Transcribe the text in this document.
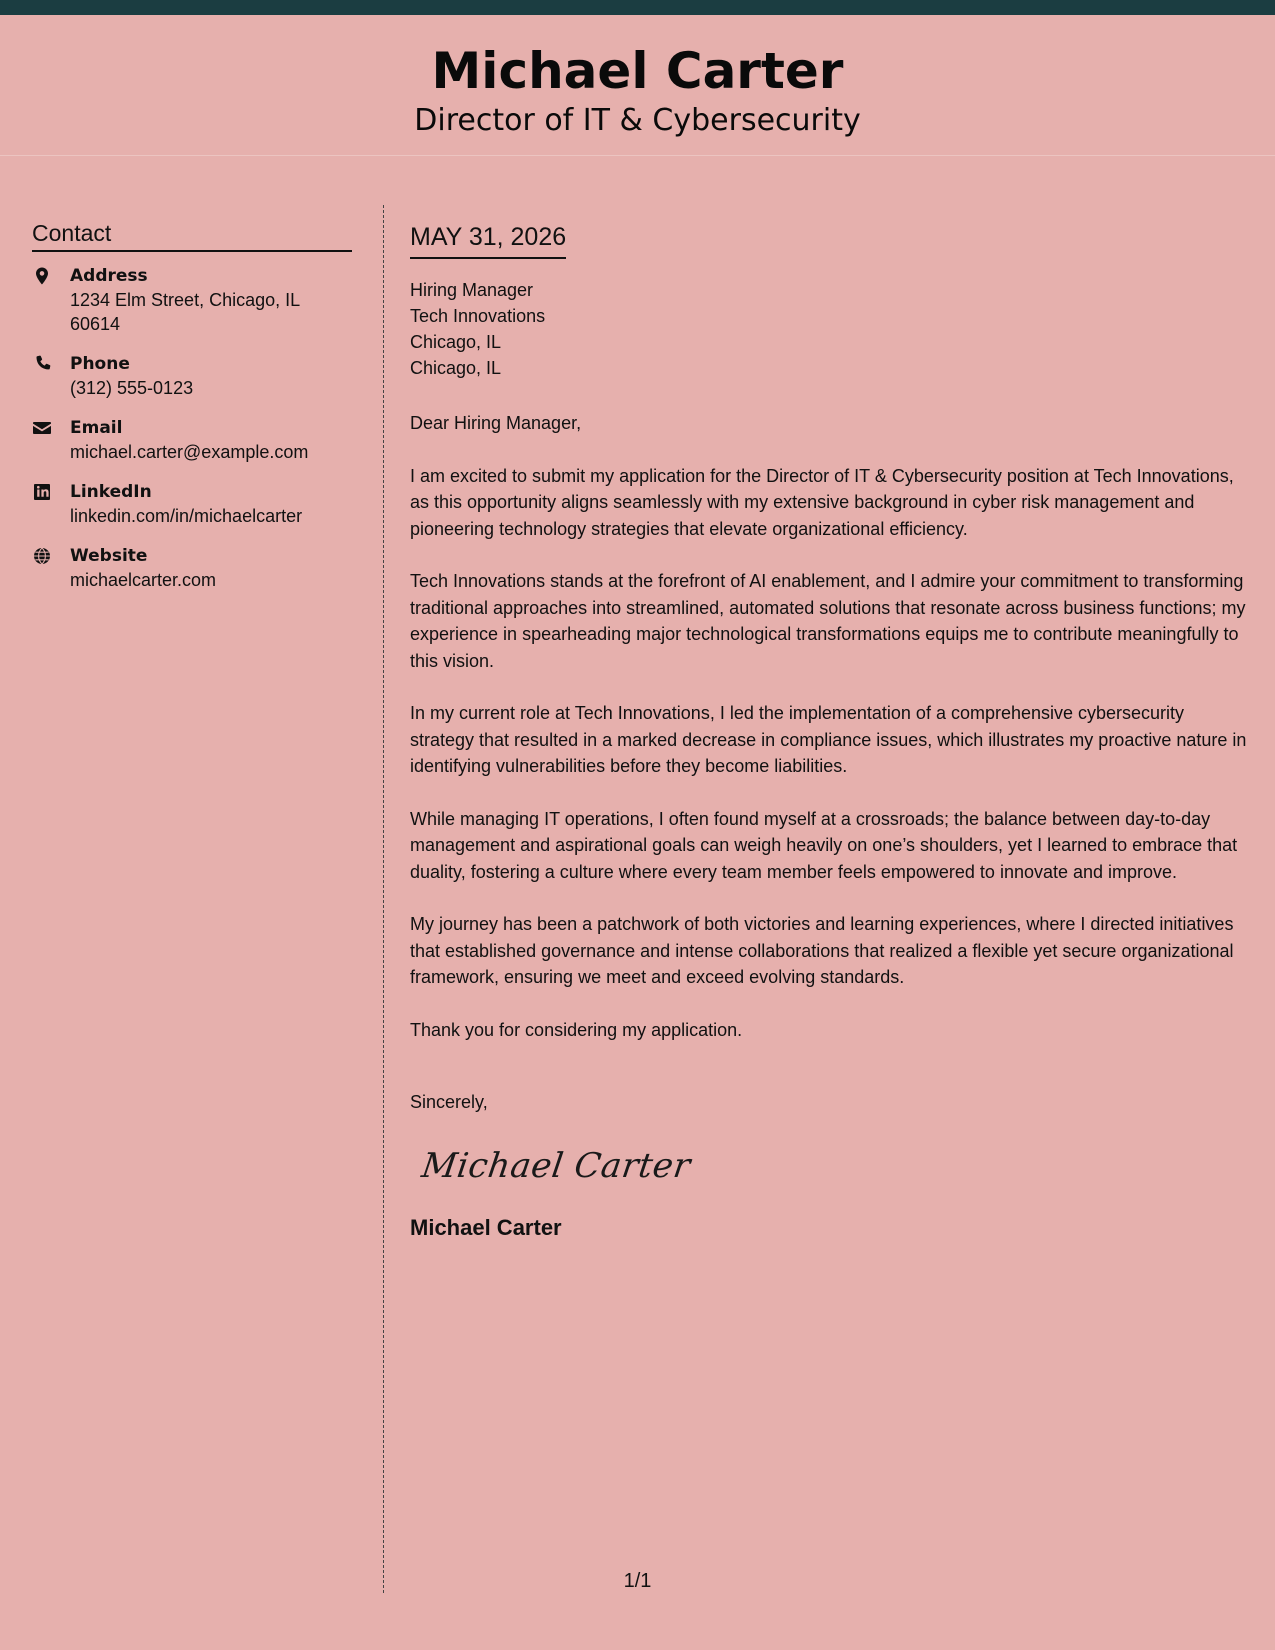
Michael Carter
Director of IT & Cybersecurity
Contact
Address
1234 Elm Street, Chicago, IL 60614
Phone
(312) 555-0123
Email
michael.carter@example.com
LinkedIn
linkedin.com/in/michaelcarter
Website
michaelcarter.com
MAY 31, 2026
Hiring Manager
Tech Innovations
Chicago, IL
Chicago, IL
Dear Hiring Manager,
I am excited to submit my application for the Director of IT & Cybersecurity position at Tech Innovations, as this opportunity aligns seamlessly with my extensive background in cyber risk management and pioneering technology strategies that elevate organizational efficiency.
Tech Innovations stands at the forefront of AI enablement, and I admire your commitment to transforming traditional approaches into streamlined, automated solutions that resonate across business functions; my experience in spearheading major technological transformations equips me to contribute meaningfully to this vision.
In my current role at Tech Innovations, I led the implementation of a comprehensive cybersecurity strategy that resulted in a marked decrease in compliance issues, which illustrates my proactive nature in identifying vulnerabilities before they become liabilities.
While managing IT operations, I often found myself at a crossroads; the balance between day-to-day management and aspirational goals can weigh heavily on one’s shoulders, yet I learned to embrace that duality, fostering a culture where every team member feels empowered to innovate and improve.
My journey has been a patchwork of both victories and learning experiences, where I directed initiatives that established governance and intense collaborations that realized a flexible yet secure organizational framework, ensuring we meet and exceed evolving standards.
Thank you for considering my application.
Sincerely,
Michael Carter
Michael Carter
1/1
